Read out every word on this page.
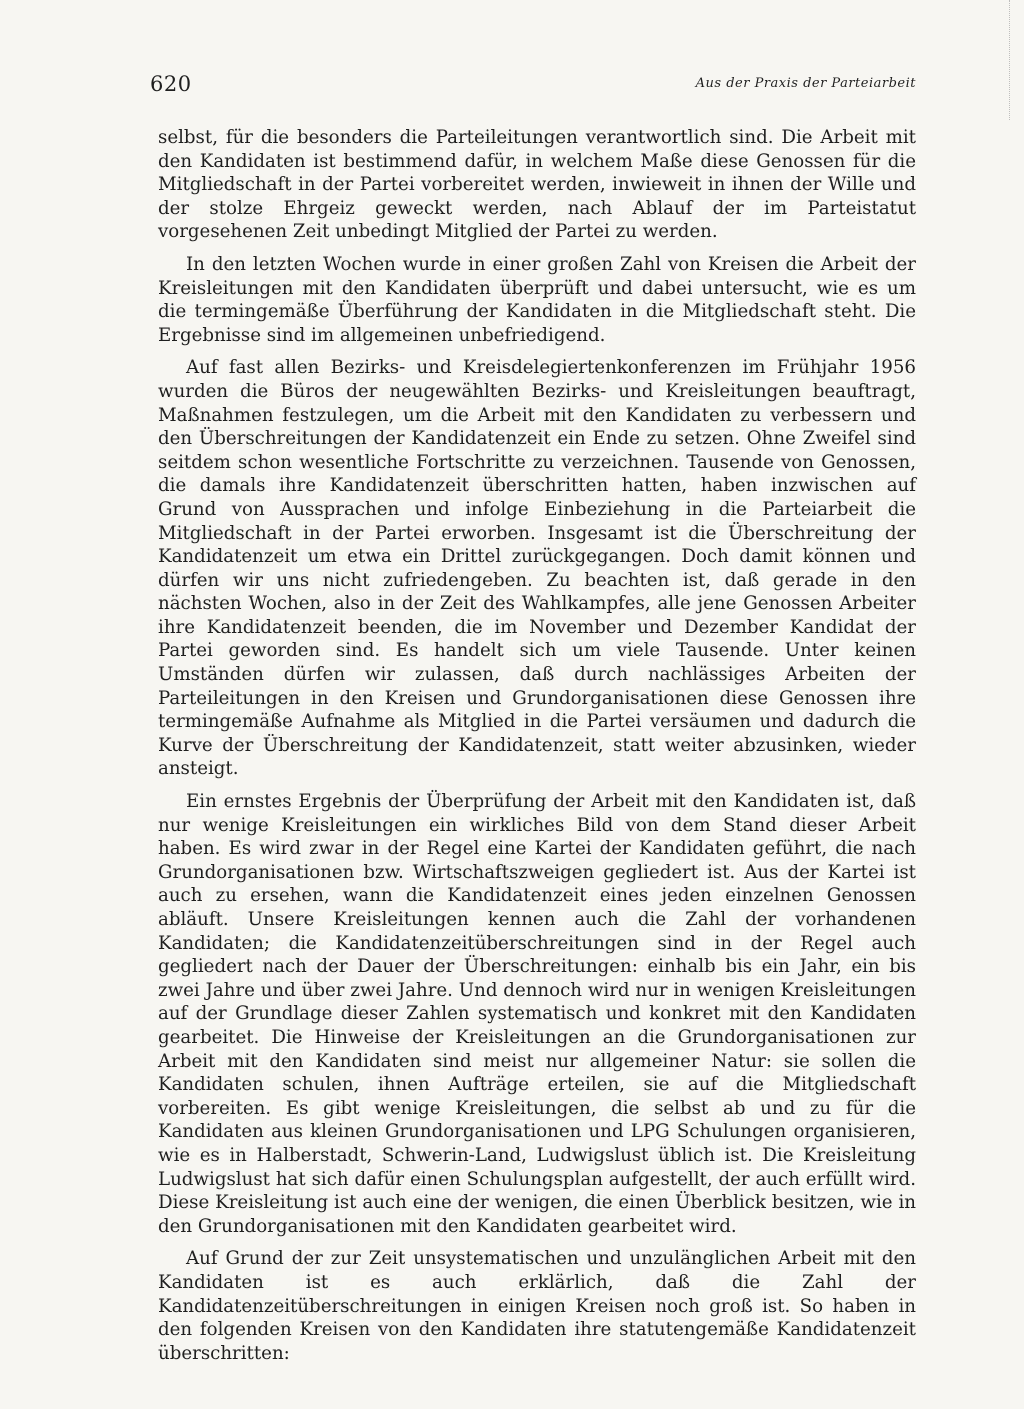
620	Aus der Praxis der Parteiarbeit

selbst, für die besonders die Parteileitungen verantwortlich sind. Die Arbeit mit den Kandidaten ist bestimmend dafür, in welchem Maße diese Genossen für die Mitgliedschaft in der Partei vorbereitet werden, inwieweit in ihnen der Wille und der stolze Ehrgeiz geweckt werden, nach Ablauf der im Parteistatut vorgesehenen Zeit unbedingt Mitglied der Partei zu werden.

In den letzten Wochen wurde in einer großen Zahl von Kreisen die Arbeit der Kreisleitungen mit den Kandidaten überprüft und dabei untersucht, wie es um die termingemäße Überführung der Kandidaten in die Mitgliedschaft steht. Die Ergebnisse sind im allgemeinen unbefriedigend.

Auf fast allen Bezirks- und Kreisdelegiertenkonferenzen im Frühjahr 1956 wurden die Büros der neugewählten Bezirks- und Kreisleitungen beauftragt, Maßnahmen festzulegen, um die Arbeit mit den Kandidaten zu verbessern und den Überschreitungen der Kandidatenzeit ein Ende zu setzen. Ohne Zweifel sind seitdem schon wesentliche Fortschritte zu verzeichnen. Tausende von Genossen, die damals ihre Kandidatenzeit überschritten hatten, haben inzwischen auf Grund von Aussprachen und infolge Einbeziehung in die Parteiarbeit die Mitgliedschaft in der Partei erworben. Insgesamt ist die Überschreitung der Kandidatenzeit um etwa ein Drittel zurückgegangen. Doch damit können und dürfen wir uns nicht zufriedengeben. Zu beachten ist, daß gerade in den nächsten Wochen, also in der Zeit des Wahlkampfes, alle jene Genossen Arbeiter ihre Kandidatenzeit beenden, die im November und Dezember Kandidat der Partei geworden sind. Es handelt sich um viele Tausende. Unter keinen Umständen dürfen wir zulassen, daß durch nachlässiges Arbeiten der Parteileitungen in den Kreisen und Grundorganisationen diese Genossen ihre termingemäße Aufnahme als Mitglied in die Partei versäumen und dadurch die Kurve der Überschreitung der Kandidatenzeit, statt weiter abzusinken, wieder ansteigt.

Ein ernstes Ergebnis der Überprüfung der Arbeit mit den Kandidaten ist, daß nur wenige Kreisleitungen ein wirkliches Bild von dem Stand dieser Arbeit haben. Es wird zwar in der Regel eine Kartei der Kandidaten geführt, die nach Grundorganisationen bzw. Wirtschaftszweigen gegliedert ist. Aus der Kartei ist auch zu ersehen, wann die Kandidatenzeit eines jeden einzelnen Genossen abläuft. Unsere Kreisleitungen kennen auch die Zahl der vorhandenen Kandidaten; die Kandidatenzeitüberschreitungen sind in der Regel auch gegliedert nach der Dauer der Überschreitungen: einhalb bis ein Jahr, ein bis zwei Jahre und über zwei Jahre. Und dennoch wird nur in wenigen Kreisleitungen auf der Grundlage dieser Zahlen systematisch und konkret mit den Kandidaten gearbeitet. Die Hinweise der Kreisleitungen an die Grundorganisationen zur Arbeit mit den Kandidaten sind meist nur allgemeiner Natur: sie sollen die Kandidaten schulen, ihnen Aufträge erteilen, sie auf die Mitgliedschaft vorbereiten. Es gibt wenige Kreisleitungen, die selbst ab und zu für die Kandidaten aus kleinen Grundorganisationen und LPG Schulungen organisieren, wie es in Halberstadt, Schwerin-Land, Ludwigslust üblich ist. Die Kreisleitung Ludwigslust hat sich dafür einen Schulungsplan aufgestellt, der auch erfüllt wird. Diese Kreisleitung ist auch eine der wenigen, die einen Überblick besitzen, wie in den Grundorganisationen mit den Kandidaten gearbeitet wird.

Auf Grund der zur Zeit unsystematischen und unzulänglichen Arbeit mit den Kandidaten ist es auch erklärlich, daß die Zahl der Kandidatenzeitüberschreitungen in einigen Kreisen noch groß ist. So haben in den folgenden Kreisen von den Kandidaten ihre statutengemäße Kandidatenzeit überschritten:
